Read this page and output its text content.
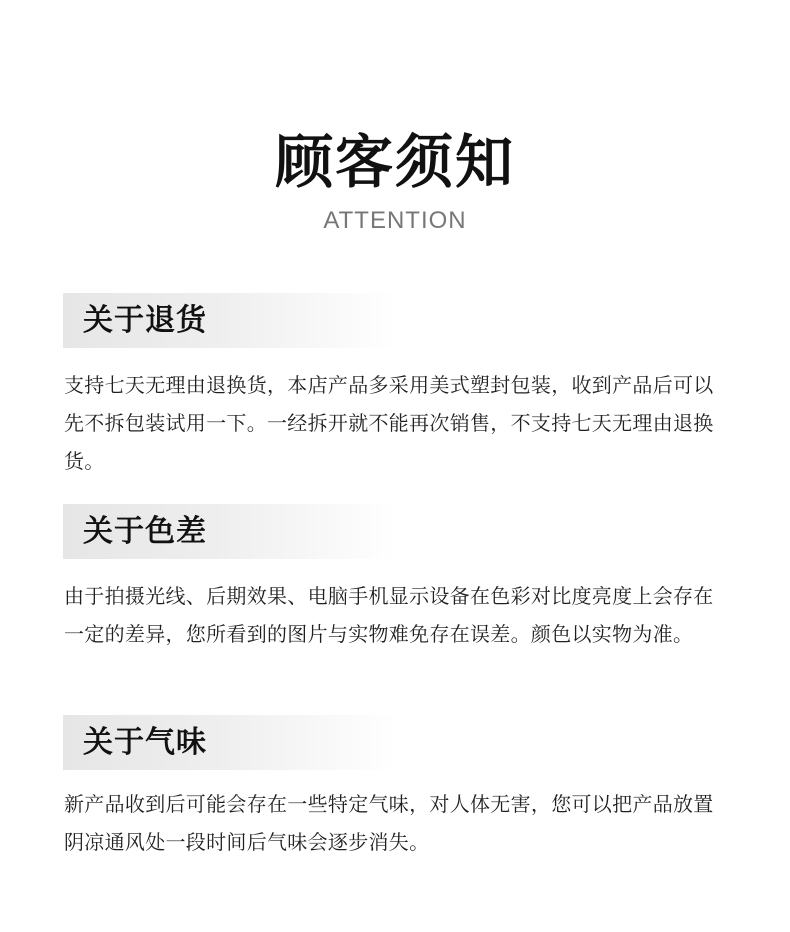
顾客须知
ATTENTION
关于退货
支持七天无理由退换货，本店产品多采用美式塑封包装，收到产品后可以先不拆包装试用一下。一经拆开就不能再次销售，不支持七天无理由退换货。
关于色差
由于拍摄光线、后期效果、电脑手机显示设备在色彩对比度亮度上会存在一定的差异，您所看到的图片与实物难免存在误差。颜色以实物为准。
关于气味
新产品收到后可能会存在一些特定气味，对人体无害，您可以把产品放置阴凉通风处一段时间后气味会逐步消失。
